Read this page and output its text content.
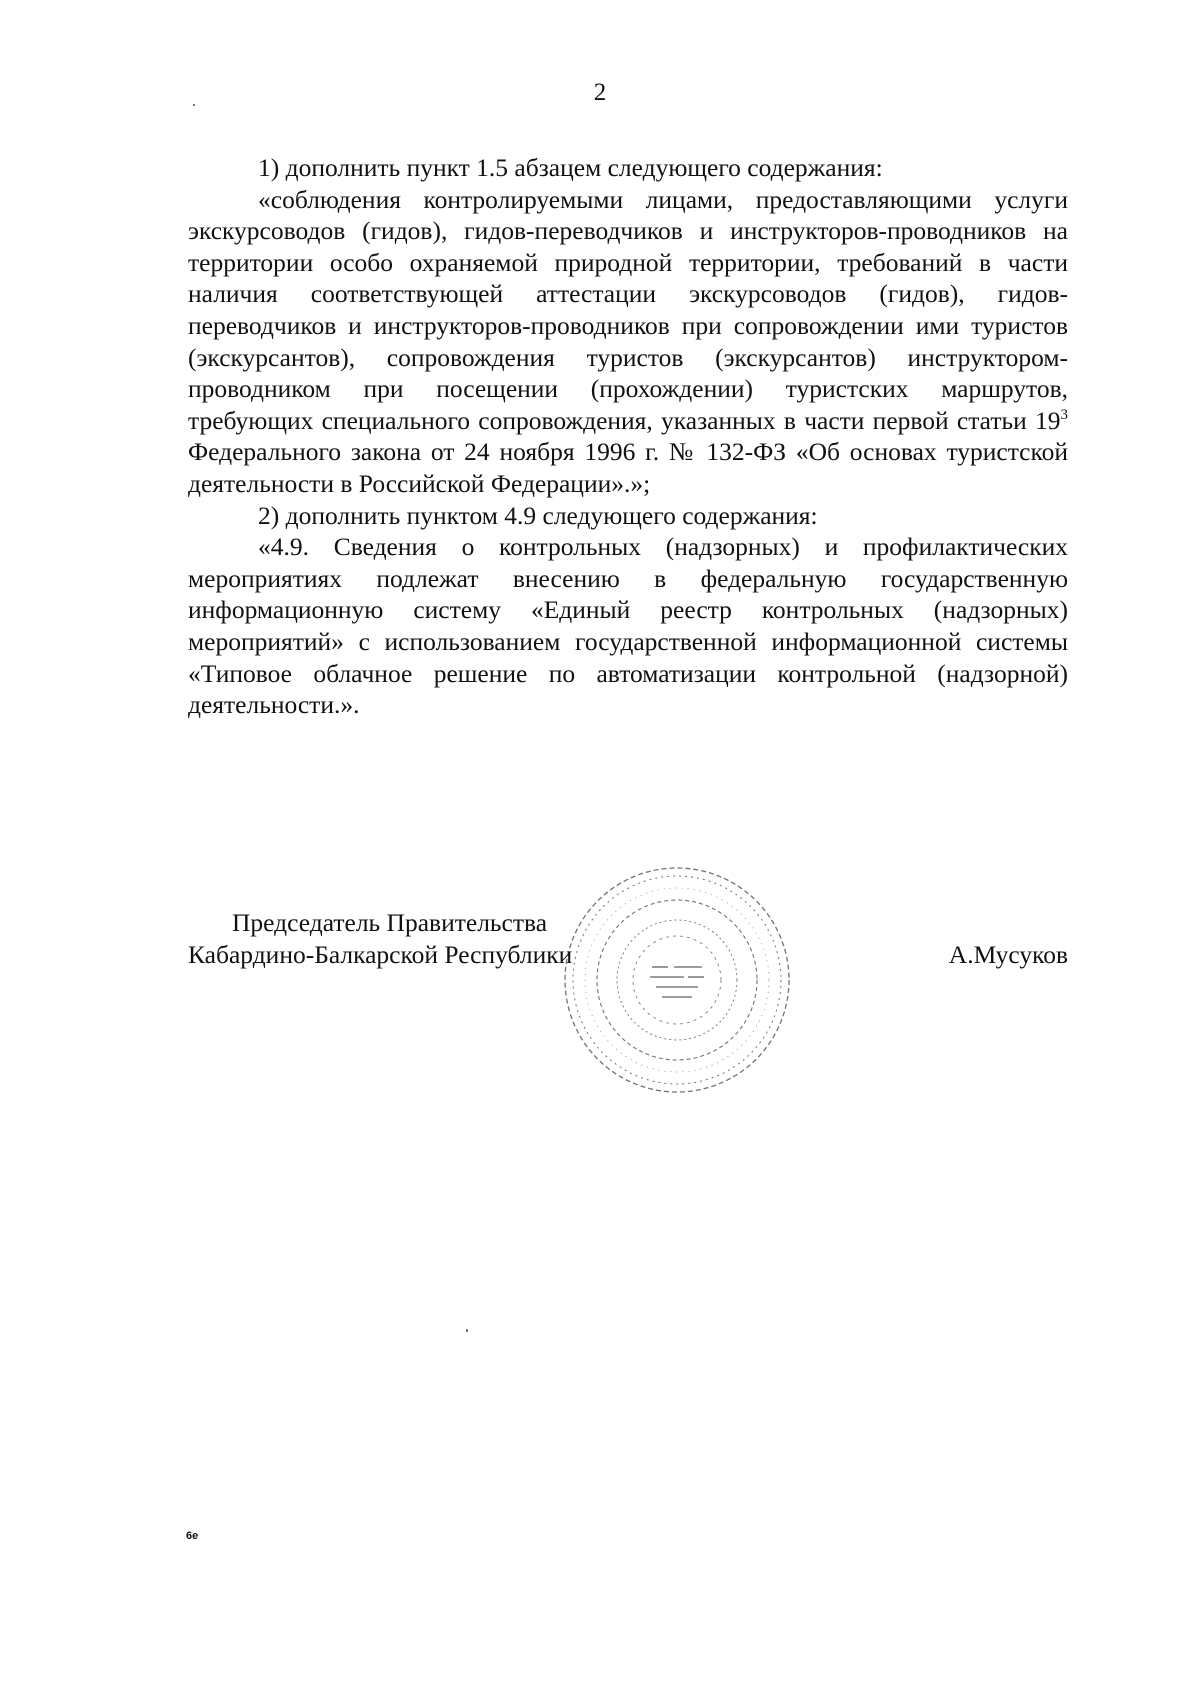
2

1) дополнить пункт 1.5 абзацем следующего содержания:

«соблюдения контролируемыми лицами, предоставляющими услуги экскурсоводов (гидов), гидов-переводчиков и инструкторов-проводников на территории особо охраняемой природной территории, требований в части наличия соответствующей аттестации экскурсоводов (гидов), гидов-переводчиков и инструкторов-проводников при сопровождении ими туристов (экскурсантов), сопровождения туристов (экскурсантов) инструктором-проводником при посещении (прохождении) туристских маршрутов, требующих специального сопровождения, указанных в части первой статьи $19^3$ Федерального закона от 24 ноября 1996 г. № 132-ФЗ «Об основах туристской деятельности в Российской Федерации».»;

2) дополнить пунктом 4.9 следующего содержания:

«4.9. Сведения о контрольных (надзорных) и профилактических мероприятиях подлежат внесению в федеральную государственную информационную систему «Единый реестр контрольных (надзорных) мероприятий» с использованием государственной информационной системы «Типовое облачное решение по автоматизации контрольной (надзорной) деятельности.».

Председатель Правительства
Кабардино-Балкарской Республики	А.Мусуков
6е
